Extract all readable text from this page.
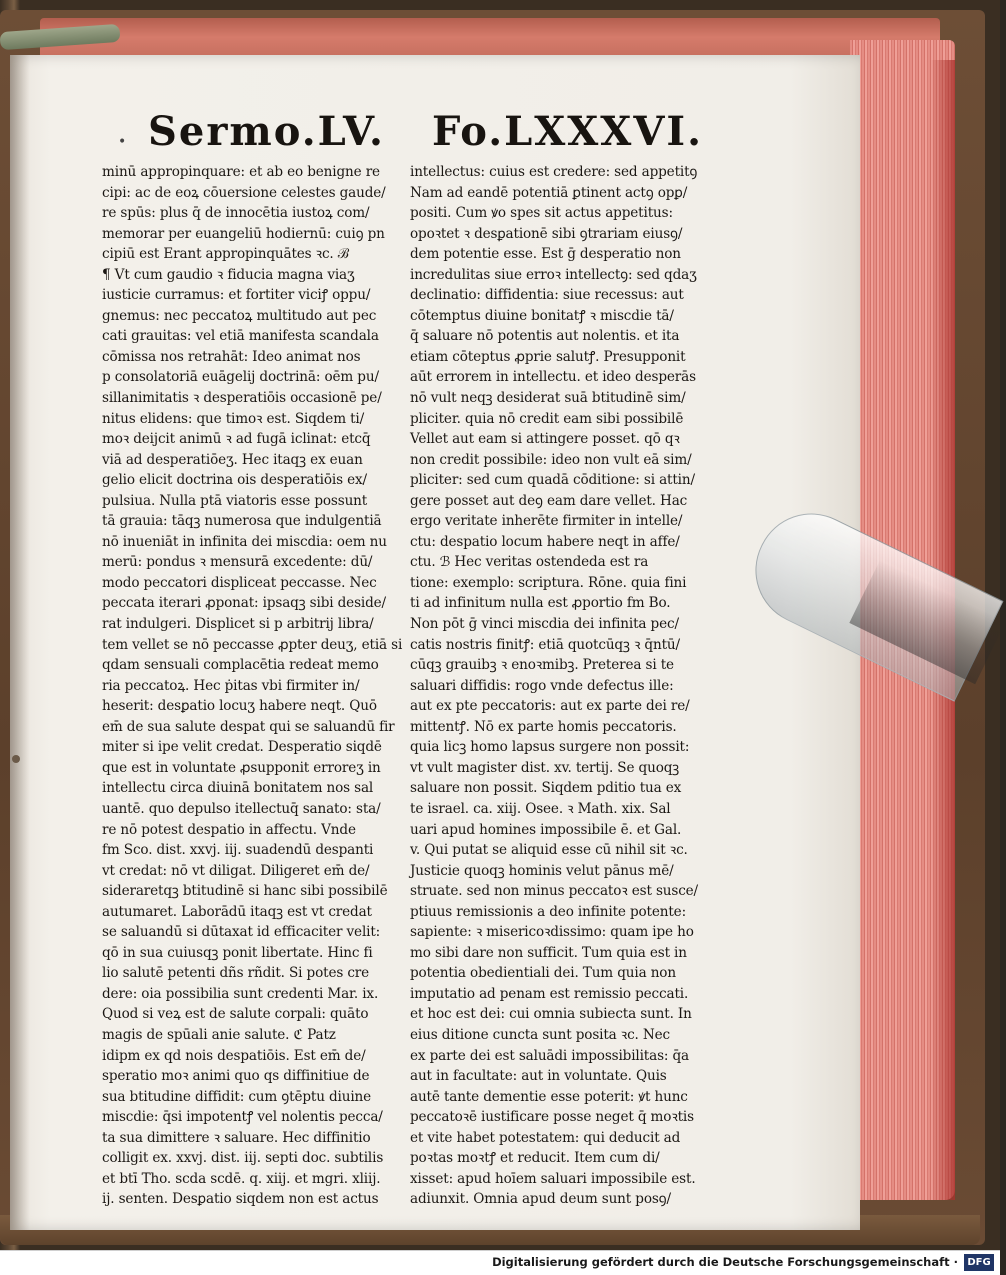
• Sermo.LV. Fo.LXXXVI.
minū appropinquare: et ab eo benigne re
cipi: ac de eoꝝ cōuersione celestes gaude/
re spūs: plus q̄ de innocētia iustoꝝ com/
memorar per euangeliū hodiernū: cuiꝯ pn
cipiū est Erant appropinquātes ꝛc. ℬ
¶ Vt cum gaudio ꝛ fiducia magna viaʒ
iusticie curramus: et fortiter viciꝭ oppu/
gnemus: nec peccatoꝝ multitudo aut pec
cati grauitas: vel etiā manifesta scandala
cōmissa nos retrahāt: Ideo animat nos
p consolatoriā euāgelij doctrinā: oēm pu/
sillanimitatis ꝛ desperatiōis occasionē pe/
nitus elidens: que timoꝛ est. Siqdem ti/
moꝛ deijcit animū ꝛ ad fugā iclinat: etcq̄
viā ad desperatiōeʒ. Hec itaqꝫ ex euan
gelio elicit doctrina ois desperatiōis ex/
pulsiua. Nulla ptā viatoris esse possunt
tā grauia: tāqꝫ numerosa que indulgentiā
nō inueniāt in infinita dei miscdia: oem nu
merū: pondus ꝛ mensurā excedente: dū/
modo peccatori displiceat peccasse. Nec
peccata iterari ꝓponat: ipsaqꝫ sibi deside/
rat indulgeri. Displicet si p arbitrij libra/
tem vellet se nō peccasse ꝓpter deuʒ, etiā si
qdam sensuali complacētia redeat memo
ria peccatoꝝ. Hec ṗitas vbi firmiter in/
heserit: desꝑatio locuʒ habere neqt. Quō
em̄ de sua salute despat qui se saluandū fir
miter si ipe velit credat. Desperatio siqdē
que est in voluntate ꝓsupponit erroreʒ in
intellectu circa diuinā bonitatem nos sal
uantē. quo depulso itellectuq̄ sanato: sta/
re nō potest despatio in affectu. Vnde
fm Sco. dist. xxvj. iij. suadendū despanti
vt credat: nō vt diligat. Diligeret em̄ de/
sideraretqꝫ btitudinē si hanc sibi possibilē
autumaret. Laborādū itaqꝫ est vt credat
se saluandū si dūtaxat id efficaciter velit:
qō in sua cuiusqꝫ ponit libertate. Hinc fi
lio salutē petenti dñs rñdit. Si potes cre
dere: oia possibilia sunt credenti Mar. ix.
Quod si veꝝ est de salute corpali: quāto
magis de spūali anie salute. ℭ Patz
idipm ex qd nois despatiōis. Est em̄ de/
speratio moꝛ animi quo qs diffinitiue de
sua btitudine diffidit: cum ꝯtēptu diuine
miscdie: q̄si impotentꝭ vel nolentis pecca/
ta sua dimittere ꝛ saluare. Hec diffinitio
colligit ex. xxvj. dist. iij. septi doc. subtilis
et btī Tho. scda scdē. q. xiij. et mgri. xliij.
ij. senten. Desꝑatio siqdem non est actus
intellectus: cuius est credere: sed appetitꝯ
Nam ad eandē potentiā ꝑtinent actꝯ opꝑ/
positi. Cum ꝟo spes sit actus appetitus:
opoꝛtet ꝛ desꝑationē sibi ꝯtrariam eiusꝯ/
dem potentie esse. Est ḡ desperatio non
incredulitas siue erroꝛ intellectꝯ: sed qdaʒ
declinatio: diffidentia: siue recessus: aut
cōtemptus diuine bonitatꝭ ꝛ miscdie tā/
q̄ saluare nō potentis aut nolentis. et ita
etiam cōteptus ꝓprie salutꝭ. Presupponit
aūt errorem in intellectu. et ideo desperās
nō vult neqꝫ desiderat suā btitudinē sim/
pliciter. quia nō credit eam sibi possibilē
Vellet aut eam si attingere posset. qō qꝛ
non credit possibile: ideo non vult eā sim/
pliciter: sed cum quadā cōditione: si attin/
gere posset aut deꝯ eam dare vellet. Hac
ergo veritate inherēte firmiter in intelle/
ctu: despatio locum habere neqt in affe/
ctu. ℬ Hec veritas ostendeda est ra
tione: exemplo: scriptura. Rōne. quia fini
ti ad infinitum nulla est ꝓportio fm Bo.
Non pōt ḡ vinci miscdia dei infinita pec/
catis nostris finitꝭ: etiā quotcūqꝫ ꝛ q̄ntū/
cūqꝫ grauibꝫ ꝛ enoꝛmibꝫ. Preterea si te
saluari diffidis: rogo vnde defectus ille:
aut ex pte peccatoris: aut ex parte dei re/
mittentꝭ. Nō ex parte homis peccatoris.
quia licꝫ homo lapsus surgere non possit:
vt vult magister dist. xv. tertij. Se quoqꝫ
saluare non possit. Siqdem pditio tua ex
te israel. ca. xiij. Osee. ꝛ Math. xix. Sal
uari apud homines impossibile ē. et Gal.
v. Qui putat se aliquid esse cū nihil sit ꝛc.
Justicie quoqꝫ hominis velut pānus mē/
struate. sed non minus peccatoꝛ est susce/
ptiuus remissionis a deo infinite potente:
sapiente: ꝛ misericoꝛdissimo: quam ipe ho
mo sibi dare non sufficit. Tum quia est in
potentia obedientiali dei. Tum quia non
imputatio ad penam est remissio peccati.
et hoc est dei: cui omnia subiecta sunt. In
eius ditione cuncta sunt posita ꝛc. Nec
ex parte dei est saluādi impossibilitas: q̄a
aut in facultate: aut in voluntate. Quis
autē tante dementie esse poterit: ꝟt hunc
peccatoꝛē iustificare posse neget q̄ moꝛtis
et vite habet potestatem: qui deducit ad
poꝛtas moꝛtꝭ et reducit. Item cum di/
xisset: apud hoīem saluari impossibile est.
adiunxit. Omnia apud deum sunt posꝯ/
Digitalisierung gefördert durch die Deutsche Forschungsgemeinschaft · DFG
